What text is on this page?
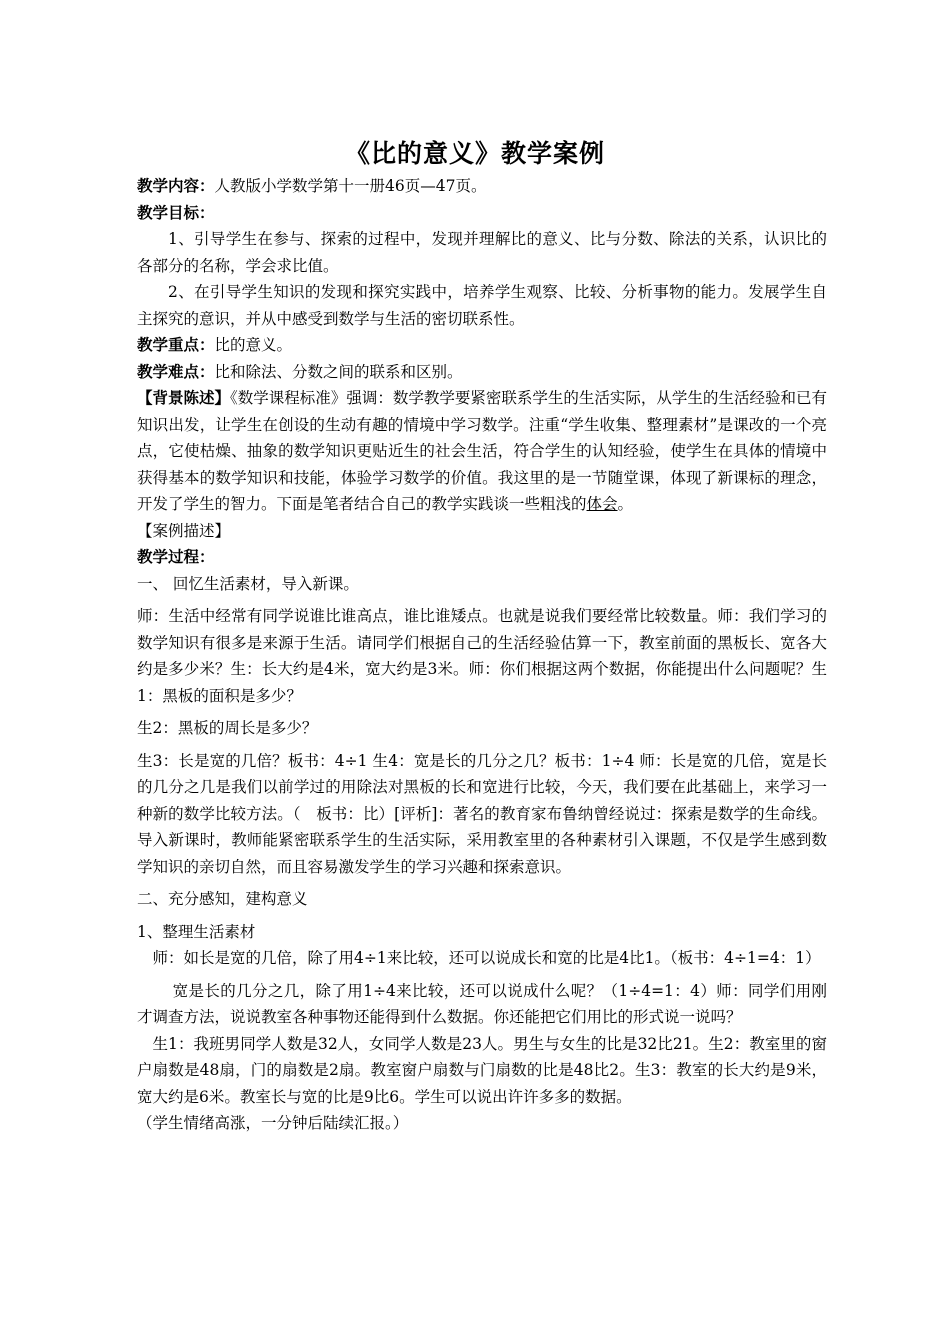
《比的意义》教学案例

教学内容：人教版小学数学第十一册46页—47页。

教学目标：

1、引导学生在参与、探索的过程中，发现并理解比的意义、比与分数、除法的关系，认识比的各部分的名称，学会求比值。

2、在引导学生知识的发现和探究实践中，培养学生观察、比较、分析事物的能力。发展学生自主探究的意识，并从中感受到数学与生活的密切联系性。

教学重点：比的意义。

教学难点：比和除法、分数之间的联系和区别。

【背景陈述】《数学课程标准》强调：数学教学要紧密联系学生的生活实际，从学生的生活经验和已有知识出发，让学生在创设的生动有趣的情境中学习数学。注重“学生收集、整理素材”是课改的一个亮点，它使枯燥、抽象的数学知识更贴近生的社会生活，符合学生的认知经验，使学生在具体的情境中获得基本的数学知识和技能，体验学习数学的价值。我这里的是一节随堂课，体现了新课标的理念，开发了学生的智力。下面是笔者结合自己的教学实践谈一些粗浅的体会。

【案例描述】

教学过程：

一、 回忆生活素材，导入新课。

师：生活中经常有同学说谁比谁高点，谁比谁矮点。也就是说我们要经常比较数量。师：我们学习的数学知识有很多是来源于生活。请同学们根据自己的生活经验估算一下，教室前面的黑板长、宽各大约是多少米？生：长大约是4米，宽大约是3米。师：你们根据这两个数据，你能提出什么问题呢？生1：黑板的面积是多少？

生2：黑板的周长是多少？

生3：长是宽的几倍？板书：4÷1 生4：宽是长的几分之几？板书：1÷4 师：长是宽的几倍，宽是长的几分之几是我们以前学过的用除法对黑板的长和宽进行比较，今天，我们要在此基础上，来学习一种新的数学比较方法。（　板书：比）[评析]：著名的教育家布鲁纳曾经说过：探索是数学的生命线。导入新课时，教师能紧密联系学生的生活实际，采用教室里的各种素材引入课题，不仅是学生感到数学知识的亲切自然，而且容易激发学生的学习兴趣和探索意识。

二、充分感知，建构意义

1、整理生活素材

师：如长是宽的几倍，除了用4÷1来比较，还可以说成长和宽的比是4比1。（板书：4÷1=4：1）

宽是长的几分之几，除了用1÷4来比较，还可以说成什么呢？（1÷4=1：4）师：同学们用刚才调查方法，说说教室各种事物还能得到什么数据。你还能把它们用比的形式说一说吗？

生1：我班男同学人数是32人，女同学人数是23人。男生与女生的比是32比21。生2：教室里的窗户扇数是48扇，门的扇数是2扇。教室窗户扇数与门扇数的比是48比2。生3：教室的长大约是9米，宽大约是6米。教室长与宽的比是9比6。学生可以说出许许多多的数据。

（学生情绪高涨，一分钟后陆续汇报。）
